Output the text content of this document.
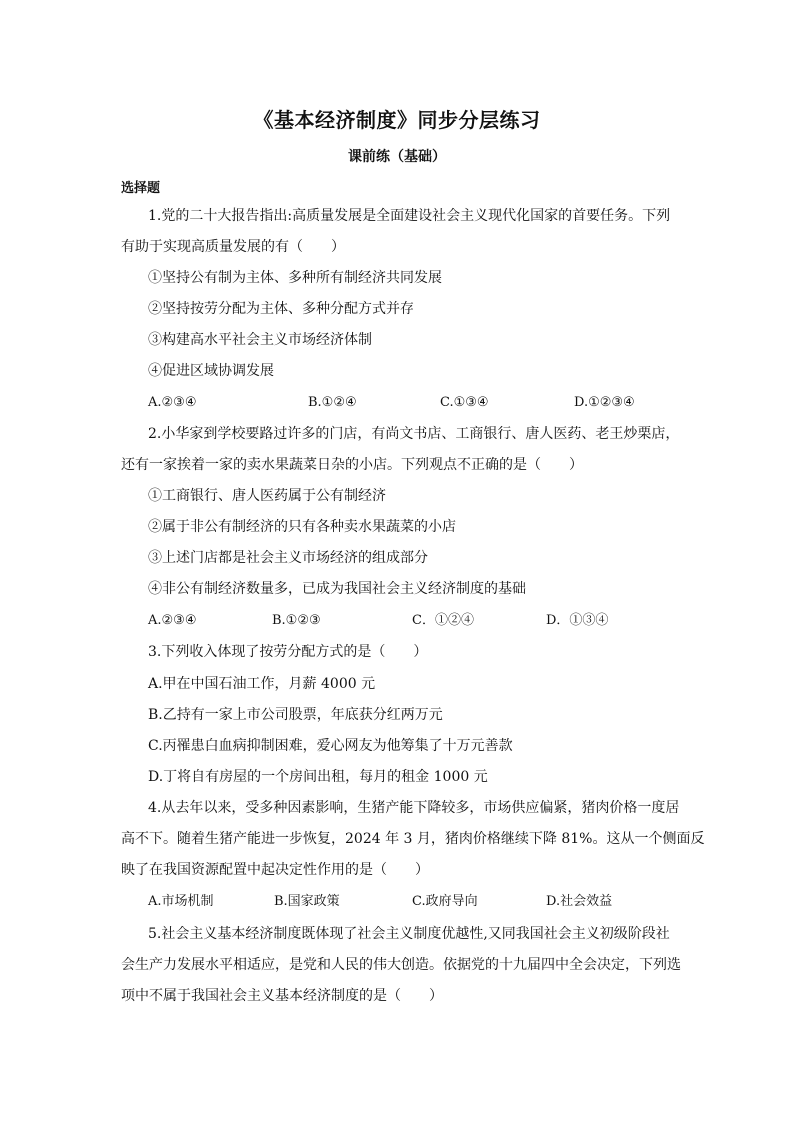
《基本经济制度》同步分层练习
课前练（基础）
选择题
1.党的二十大报告指出:高质量发展是全面建设社会主义现代化国家的首要任务。下列
有助于实现高质量发展的有（　　）
①坚持公有制为主体、多种所有制经济共同发展
②坚持按劳分配为主体、多种分配方式并存
③构建高水平社会主义市场经济体制
④促进区域协调发展
A.②③④	B.①②④	C.①③④	D.①②③④
2.小华家到学校要路过许多的门店，有尚文书店、工商银行、唐人医药、老王炒栗店，
还有一家挨着一家的卖水果蔬菜日杂的小店。下列观点不正确的是（　　）
①工商银行、唐人医药属于公有制经济
②属于非公有制经济的只有各种卖水果蔬菜的小店
③上述门店都是社会主义市场经济的组成部分
④非公有制经济数量多，已成为我国社会主义经济制度的基础
A.②③④	B.①②③	C．①②④	D．①③④
3.下列收入体现了按劳分配方式的是（　　）
A.甲在中国石油工作，月薪 4000 元
B.乙持有一家上市公司股票，年底获分红两万元
C.丙罹患白血病抑制困难，爱心网友为他筹集了十万元善款
D.丁将自有房屋的一个房间出租，每月的租金 1000 元
4.从去年以来，受多种因素影响，生猪产能下降较多，市场供应偏紧，猪肉价格一度居
高不下。随着生猪产能进一步恢复，2024 年 3 月，猪肉价格继续下降 81%。这从一个侧面反
映了在我国资源配置中起决定性作用的是（　　）
A.市场机制	B.国家政策	C.政府导向	D.社会效益
5.社会主义基本经济制度既体现了社会主义制度优越性,又同我国社会主义初级阶段社
会生产力发展水平相适应，是党和人民的伟大创造。依据党的十九届四中全会决定，下列选
项中不属于我国社会主义基本经济制度的是（　　）
